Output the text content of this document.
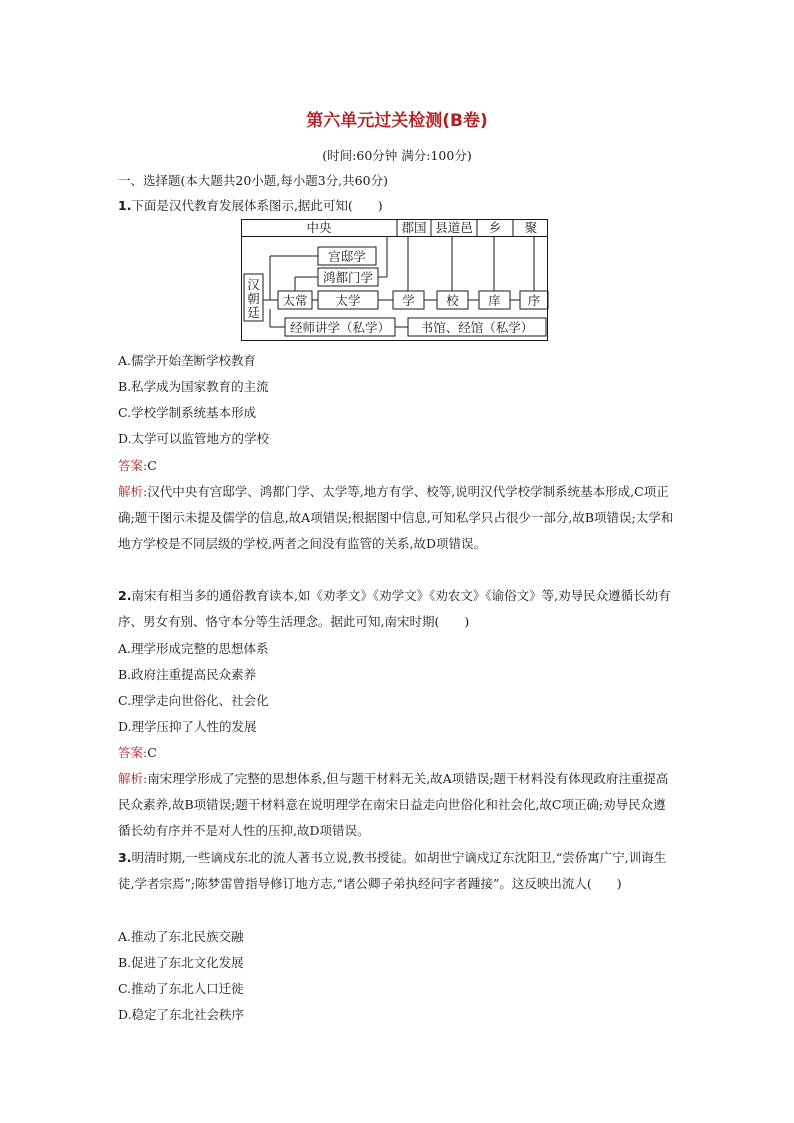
第六单元过关检测(B卷)
(时间:60分钟 满分:100分)
一、选择题(本大题共20小题,每小题3分,共60分)
1.下面是汉代教育发展体系图示,据此可知(　　)
中央	郡国 县道邑 乡 聚
汉
朝
廷
太常
宫邸学
鸿都门学
太学	学	校 庠 序
经师讲学（私学） 书馆、经馆（私学）
A.儒学开始垄断学校教育
B.私学成为国家教育的主流
C.学校学制系统基本形成
D.太学可以监管地方的学校
答案:C
解析:汉代中央有宫邸学、鸿都门学、太学等,地方有学、校等,说明汉代学校学制系统基本形成,C项正确;题干图示未提及儒学的信息,故A项错误;根据图中信息,可知私学只占很少一部分,故B项错误;太学和地方学校是不同层级的学校,两者之间没有监管的关系,故D项错误。
2.南宋有相当多的通俗教育读本,如《劝孝文》《劝学文》《劝农文》《谕俗文》等,劝导民众遵循长幼有序、男女有别、恪守本分等生活理念。据此可知,南宋时期(　　)
A.理学形成完整的思想体系
B.政府注重提高民众素养
C.理学走向世俗化、社会化
D.理学压抑了人性的发展
答案:C
解析:南宋理学形成了完整的思想体系,但与题干材料无关,故A项错误;题干材料没有体现政府注重提高民众素养,故B项错误;题干材料意在说明理学在南宋日益走向世俗化和社会化,故C项正确;劝导民众遵循长幼有序并不是对人性的压抑,故D项错误。
3.明清时期,一些谪戍东北的流人著书立说,教书授徒。如胡世宁谪戍辽东沈阳卫,“尝侨寓广宁,训诲生徒,学者宗焉”;陈梦雷曾指导修订地方志,“诸公卿子弟执经问字者踵接”。这反映出流人(　　)
A.推动了东北民族交融
B.促进了东北文化发展
C.推动了东北人口迁徙
D.稳定了东北社会秩序
